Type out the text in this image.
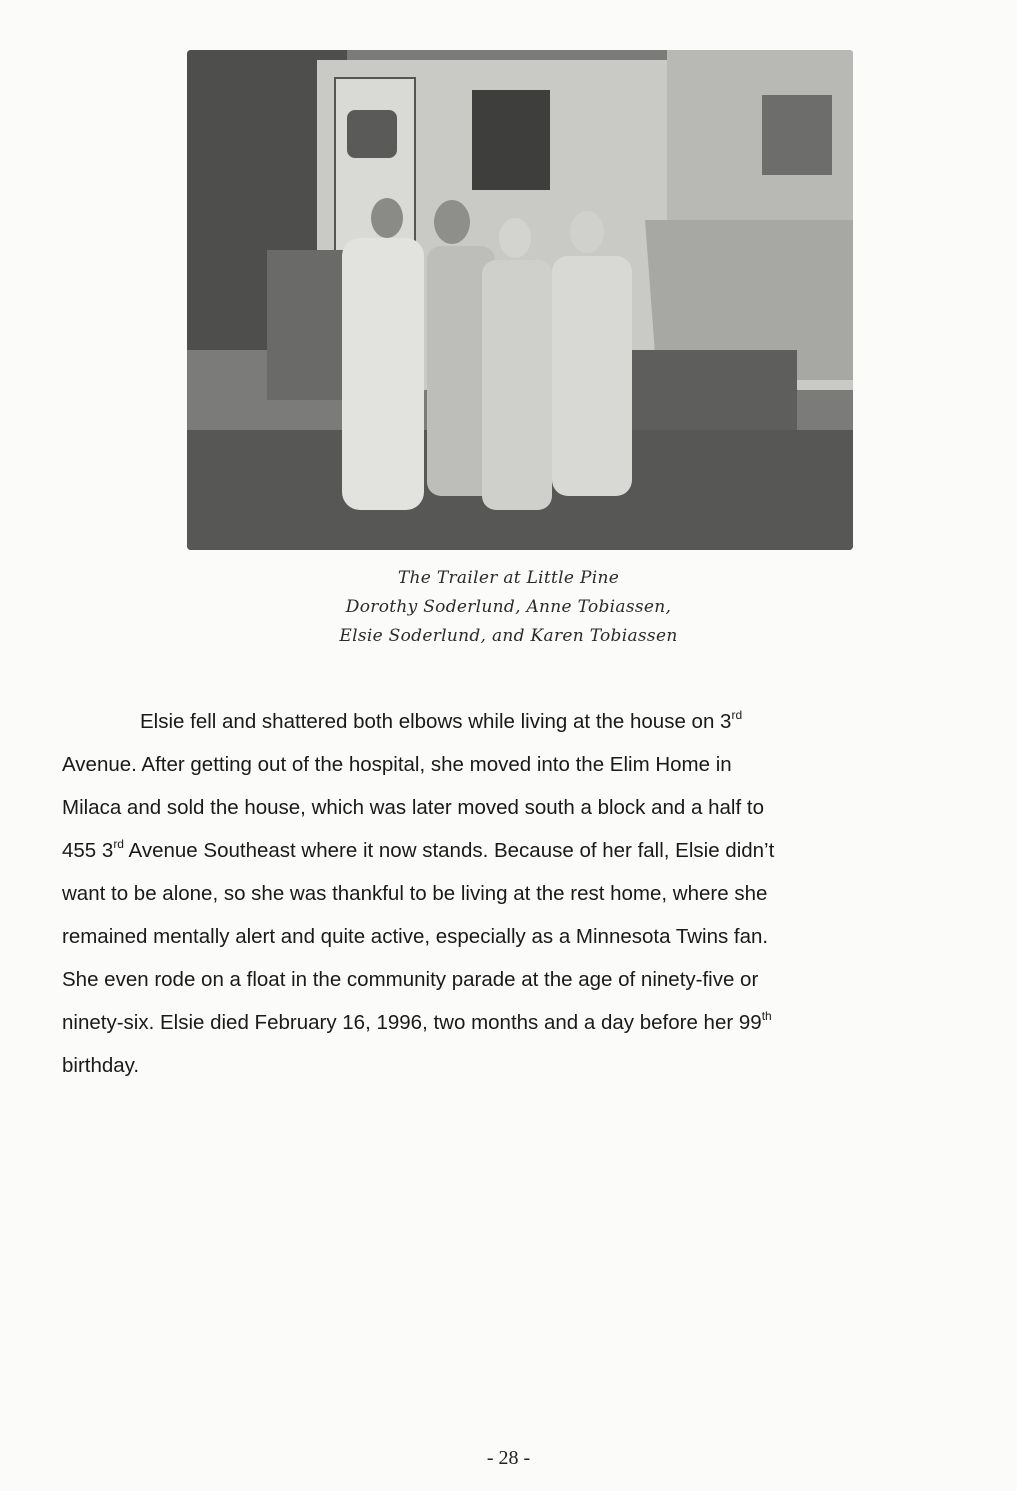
The Trailer at Little Pine
Dorothy Soderlund, Anne Tobiassen,
Elsie Soderlund, and Karen Tobiassen
Elsie fell and shattered both elbows while living at the house on 3rd
Avenue. After getting out of the hospital, she moved into the Elim Home in
Milaca and sold the house, which was later moved south a block and a half to
455 3rd Avenue Southeast where it now stands. Because of her fall, Elsie didn’t
want to be alone, so she was thankful to be living at the rest home, where she
remained mentally alert and quite active, especially as a Minnesota Twins fan.
She even rode on a float in the community parade at the age of ninety-five or
ninety-six. Elsie died February 16, 1996, two months and a day before her 99th
birthday.
- 28 -
